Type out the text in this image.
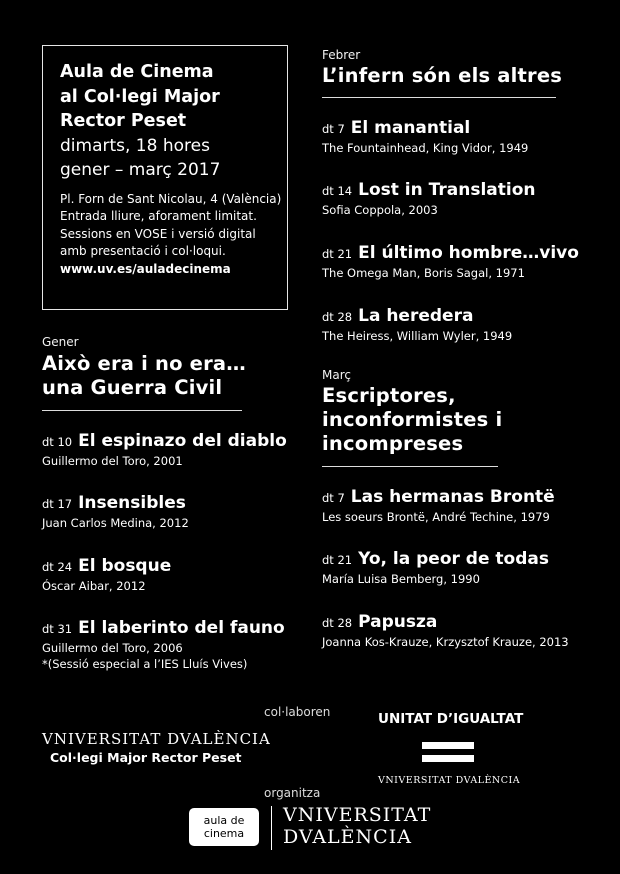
Aula de Cinema
al Col·legi Major
Rector Peset
dimarts, 18 hores
gener – març 2017
Pl. Forn de Sant Nicolau, 4 (València)
Entrada lliure, aforament limitat.
Sessions en VOSE i versió digital
amb presentació i col·loqui.
www.uv.es/auladecinema
Febrer
L’infern són els altres
dt 7 El manantial
The Fountainhead, King Vidor, 1949
dt 14 Lost in Translation
Sofia Coppola, 2003
dt 21 El último hombre…vivo
The Omega Man, Boris Sagal, 1971
dt 28 La heredera
The Heiress, William Wyler, 1949
Març
Escriptores,
inconformistes i
incompreses
dt 7 Las hermanas Brontë
Les soeurs Brontë, André Techine, 1979
dt 21 Yo, la peor de todas
María Luisa Bemberg, 1990
dt 28 Papusza
Joanna Kos-Krauze, Krzysztof Krauze, 2013
Gener
Això era i no era…
una Guerra Civil
dt 10 El espinazo del diablo
Guillermo del Toro, 2001
dt 17 Insensibles
Juan Carlos Medina, 2012
dt 24 El bosque
Óscar Aibar, 2012
dt 31 El laberinto del fauno
Guillermo del Toro, 2006
*(Sessió especial a l’IES Lluís Vives)
col·laboren
VNIVERSITAT DVALÈNCIA
Col·legi Major Rector Peset
UNITAT D’IGUALTAT
VNIVERSITAT DVALÈNCIA
organitza
aula de
cinema
VNIVERSITAT
DVALÈNCIA
